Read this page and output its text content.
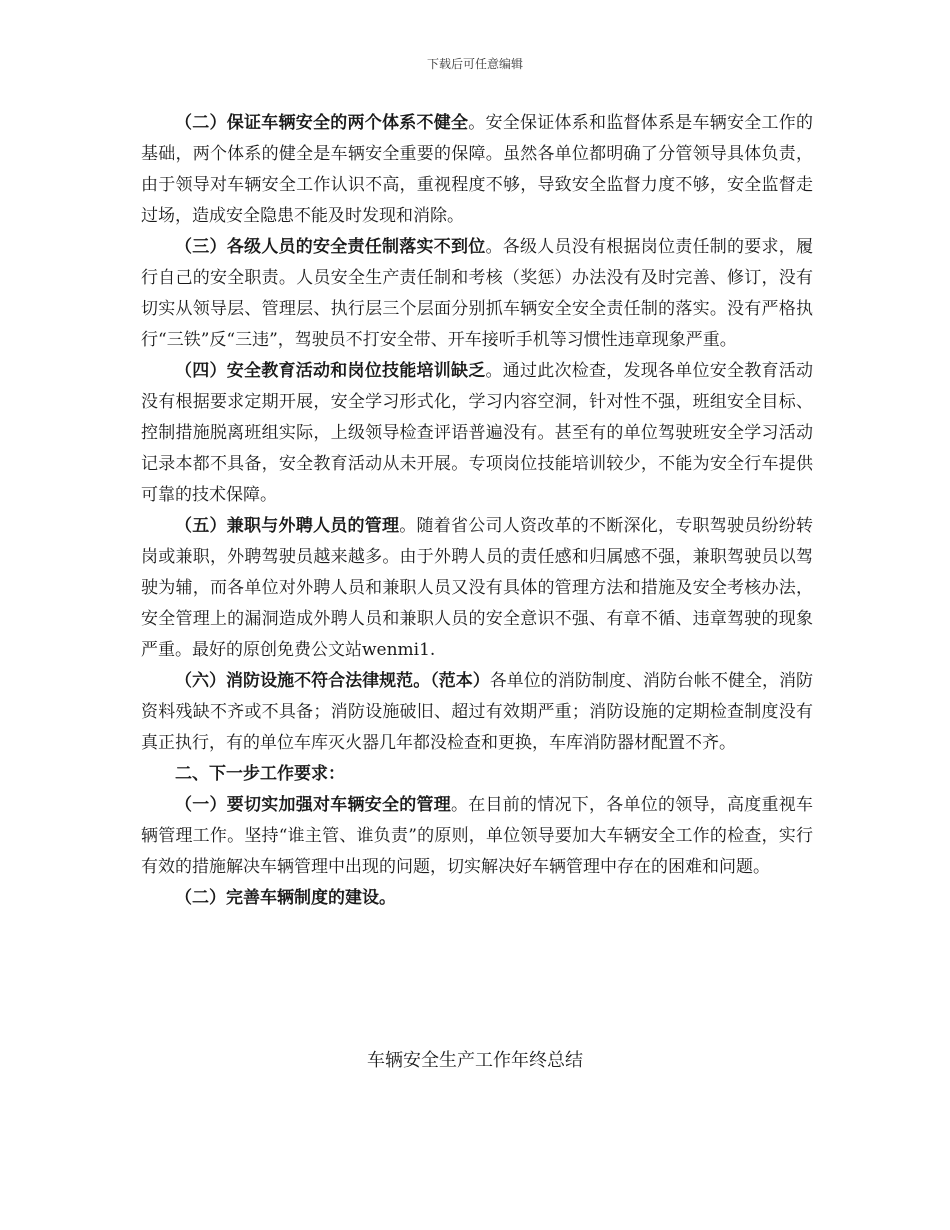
下载后可任意编辑

（二）保证车辆安全的两个体系不健全。安全保证体系和监督体系是车辆安全工作的基础，两个体系的健全是车辆安全重要的保障。虽然各单位都明确了分管领导具体负责，由于领导对车辆安全工作认识不高，重视程度不够，导致安全监督力度不够，安全监督走过场，造成安全隐患不能及时发现和消除。

（三）各级人员的安全责任制落实不到位。各级人员没有根据岗位责任制的要求，履行自己的安全职责。人员安全生产责任制和考核（奖惩）办法没有及时完善、修订，没有切实从领导层、管理层、执行层三个层面分别抓车辆安全安全责任制的落实。没有严格执行“三铁”反“三违”，驾驶员不打安全带、开车接听手机等习惯性违章现象严重。

（四）安全教育活动和岗位技能培训缺乏。通过此次检查，发现各单位安全教育活动没有根据要求定期开展，安全学习形式化，学习内容空洞，针对性不强，班组安全目标、控制措施脱离班组实际，上级领导检查评语普遍没有。甚至有的单位驾驶班安全学习活动记录本都不具备，安全教育活动从未开展。专项岗位技能培训较少，不能为安全行车提供可靠的技术保障。

（五）兼职与外聘人员的管理。随着省公司人资改革的不断深化，专职驾驶员纷纷转岗或兼职，外聘驾驶员越来越多。由于外聘人员的责任感和归属感不强，兼职驾驶员以驾驶为辅，而各单位对外聘人员和兼职人员又没有具体的管理方法和措施及安全考核办法，安全管理上的漏洞造成外聘人员和兼职人员的安全意识不强、有章不循、违章驾驶的现象严重。最好的原创免费公文站wenmi1.

（六）消防设施不符合法律规范。（范本）各单位的消防制度、消防台帐不健全，消防资料残缺不齐或不具备；消防设施破旧、超过有效期严重；消防设施的定期检查制度没有真正执行，有的单位车库灭火器几年都没检查和更换，车库消防器材配置不齐。

二、下一步工作要求：

（一）要切实加强对车辆安全的管理。在目前的情况下，各单位的领导，高度重视车辆管理工作。坚持“谁主管、谁负责”的原则，单位领导要加大车辆安全工作的检查，实行有效的措施解决车辆管理中出现的问题，切实解决好车辆管理中存在的困难和问题。

（二）完善车辆制度的建设。

车辆安全生产工作年终总结
